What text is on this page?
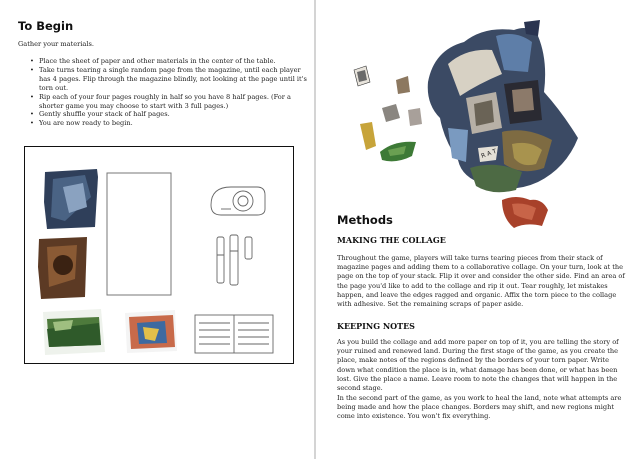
To Begin
Gather your materials.
• Place the sheet of paper and other materials in the center of the table.
• Take turns tearing a single random page from the magazine, until each player has 4 pages. Flip through the magazine blindly, not looking at the page until it's torn out.
• Rip each of your four pages roughly in half so you have 8 half pages. (For a shorter game you may choose to start with 3 full pages.)
• Gently shuffle your stack of half pages.
• You are now ready to begin.
R A T
Methods
MAKING THE COLLAGE
Throughout the game, players will take turns tearing pieces from their stack of magazine pages and adding them to a collaborative collage. On your turn, look at the page on the top of your stack. Flip it over and consider the other side. Find an area of the page you'd like to add to the collage and rip it out. Tear roughly, let mistakes happen, and leave the edges ragged and organic. Affix the torn piece to the collage with adhesive. Set the remaining scraps of paper aside.
KEEPING NOTES
As you build the collage and add more paper on top of it, you are telling the story of your ruined and renewed land. During the first stage of the game, as you create the place, make notes of the regions defined by the borders of your torn paper. Write down what condition the place is in, what damage has been done, or what has been lost. Give the place a name. Leave room to note the changes that will happen in the second stage.
In the second part of the game, as you work to heal the land, note what attempts are being made and how the place changes. Borders may shift, and new regions might come into existence. You won't fix everything.
